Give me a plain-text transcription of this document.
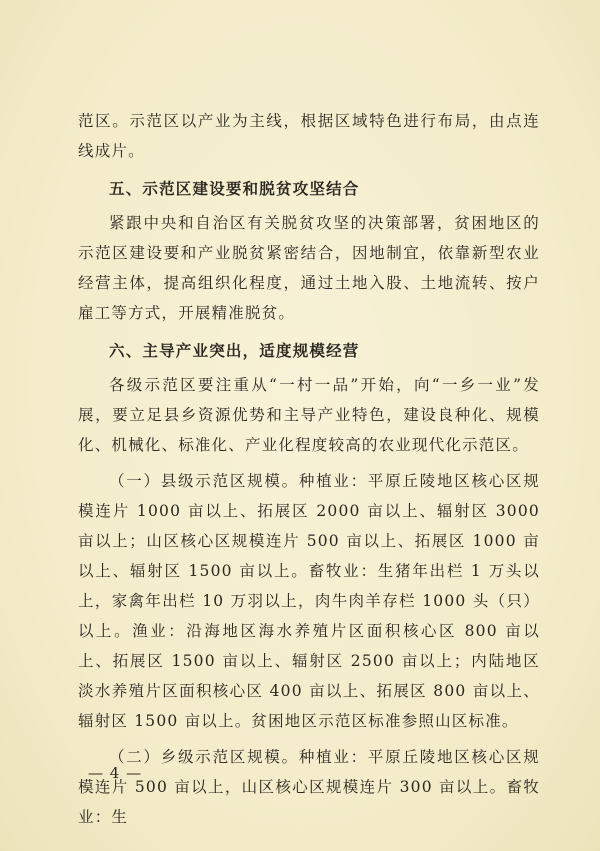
范区。示范区以产业为主线，根据区域特色进行布局，由点连线成片。

五、示范区建设要和脱贫攻坚结合

紧跟中央和自治区有关脱贫攻坚的决策部署，贫困地区的示范区建设要和产业脱贫紧密结合，因地制宜，依靠新型农业经营主体，提高组织化程度，通过土地入股、土地流转、按户雇工等方式，开展精准脱贫。

六、主导产业突出，适度规模经营

各级示范区要注重从“一村一品”开始，向“一乡一业”发展，要立足县乡资源优势和主导产业特色，建设良种化、规模化、机械化、标准化、产业化程度较高的农业现代化示范区。

（一）县级示范区规模。种植业：平原丘陵地区核心区规模连片 1000 亩以上、拓展区 2000 亩以上、辐射区 3000 亩以上；山区核心区规模连片 500 亩以上、拓展区 1000 亩以上、辐射区 1500 亩以上。畜牧业：生猪年出栏 1 万头以上，家禽年出栏 10 万羽以上，肉牛肉羊存栏 1000 头（只）以上。渔业：沿海地区海水养殖片区面积核心区 800 亩以上、拓展区 1500 亩以上、辐射区 2500 亩以上；内陆地区淡水养殖片区面积核心区 400 亩以上、拓展区 800 亩以上、辐射区 1500 亩以上。贫困地区示范区标准参照山区标准。

（二）乡级示范区规模。种植业：平原丘陵地区核心区规模连片 500 亩以上，山区核心区规模连片 300 亩以上。畜牧业：生

— 4 —
